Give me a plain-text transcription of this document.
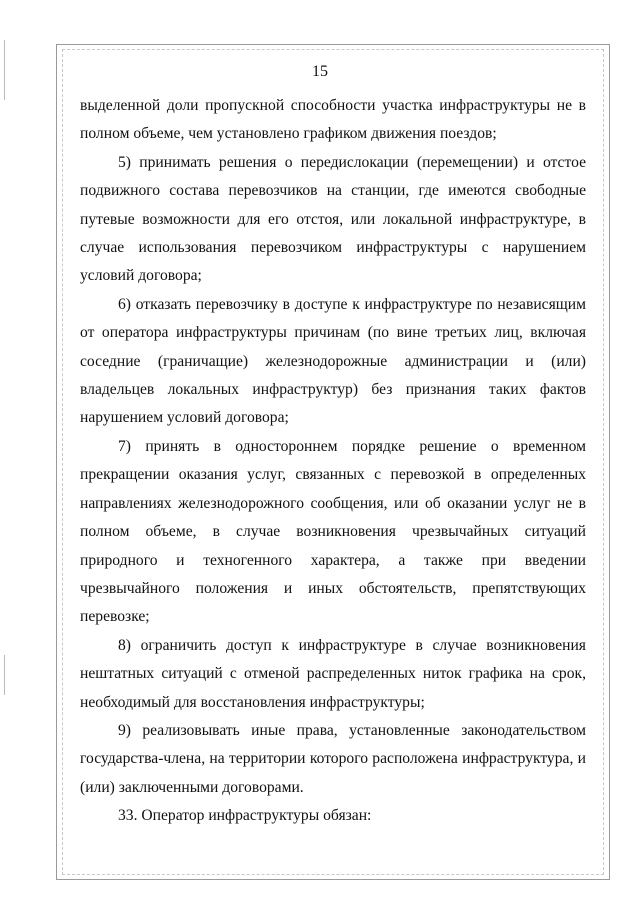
15

выделенной доли пропускной способности участка инфраструктуры не в полном объеме, чем установлено графиком движения поездов;

5) принимать решения о передислокации (перемещении) и отстое подвижного состава перевозчиков на станции, где имеются свободные путевые возможности для его отстоя, или локальной инфраструктуре, в случае использования перевозчиком инфраструктуры с нарушением условий договора;

6) отказать перевозчику в доступе к инфраструктуре по независящим от оператора инфраструктуры причинам (по вине третьих лиц, включая соседние (граничащие) железнодорожные администрации и (или) владельцев локальных инфраструктур) без признания таких фактов нарушением условий договора;

7) принять в одностороннем порядке решение о временном прекращении оказания услуг, связанных с перевозкой в определенных направлениях железнодорожного сообщения, или об оказании услуг не в полном объеме, в случае возникновения чрезвычайных ситуаций природного и техногенного характера, а также при введении чрезвычайного положения и иных обстоятельств, препятствующих перевозке;

8) ограничить доступ к инфраструктуре в случае возникновения нештатных ситуаций с отменой распределенных ниток графика на срок, необходимый для восстановления инфраструктуры;

9) реализовывать иные права, установленные законодательством государства-члена, на территории которого расположена инфраструктура, и (или) заключенными договорами.

33. Оператор инфраструктуры обязан:
